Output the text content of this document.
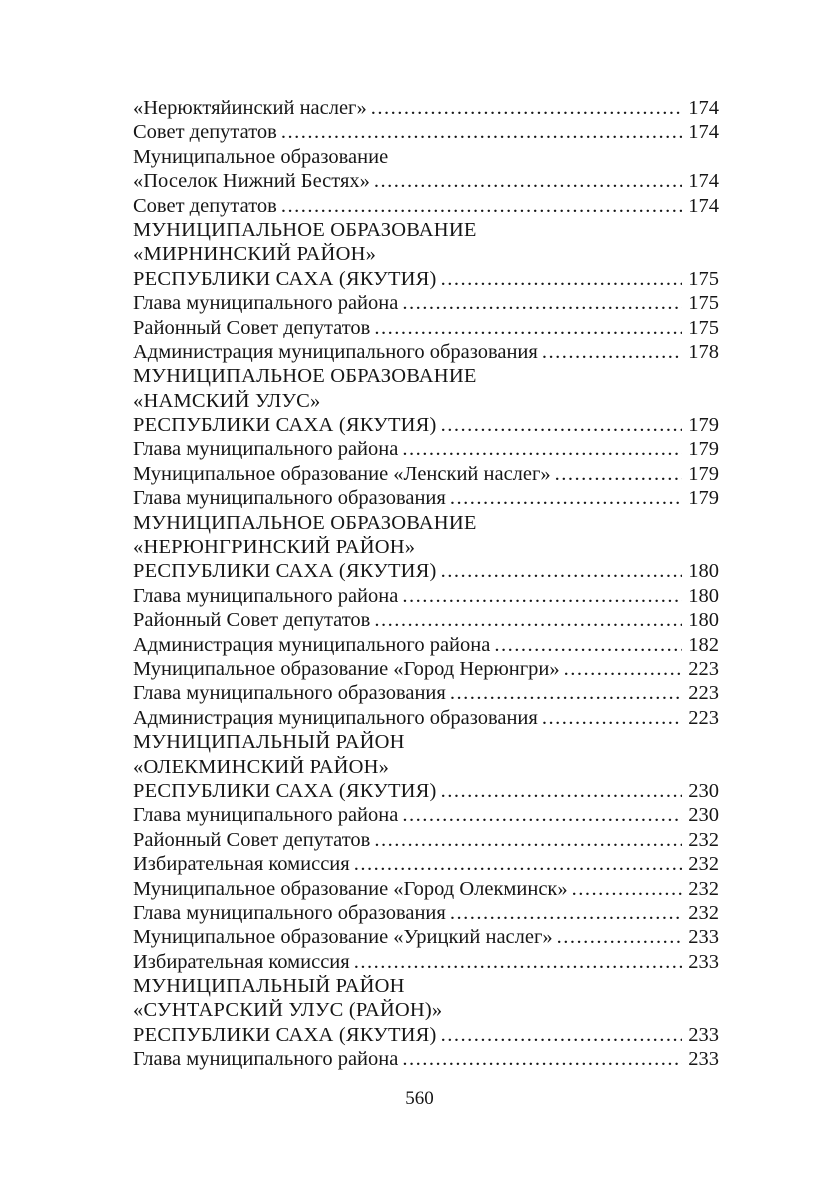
«Нерюктяйинский наслег» .....	174
Совет депутатов .....	174
Муниципальное образование
«Поселок Нижний Бестях» .....	174
Совет депутатов .....	174
МУНИЦИПАЛЬНОЕ ОБРАЗОВАНИЕ
«МИРНИНСКИЙ РАЙОН»
РЕСПУБЛИКИ САХА (ЯКУТИЯ) .....	175
Глава муниципального района .....	175
Районный Совет депутатов .....	175
Администрация муниципального образования .....	178
МУНИЦИПАЛЬНОЕ ОБРАЗОВАНИЕ
«НАМСКИЙ УЛУС»
РЕСПУБЛИКИ САХА (ЯКУТИЯ) .....	179
Глава муниципального района .....	179
Муниципальное образование «Ленский наслег» .....	179
Глава муниципального образования .....	179
МУНИЦИПАЛЬНОЕ ОБРАЗОВАНИЕ
«НЕРЮНГРИНСКИЙ РАЙОН»
РЕСПУБЛИКИ САХА (ЯКУТИЯ) .....	180
Глава муниципального района .....	180
Районный Совет депутатов .....	180
Администрация муниципального района .....	182
Муниципальное образование «Город Нерюнгри» .....	223
Глава муниципального образования .....	223
Администрация муниципального образования .....	223
МУНИЦИПАЛЬНЫЙ РАЙОН
«ОЛЕКМИНСКИЙ РАЙОН»
РЕСПУБЛИКИ САХА (ЯКУТИЯ) .....	230
Глава муниципального района .....	230
Районный Совет депутатов .....	232
Избирательная комиссия .....	232
Муниципальное образование «Город Олекминск» .....	232
Глава муниципального образования .....	232
Муниципальное образование «Урицкий наслег» .....	233
Избирательная комиссия .....	233
МУНИЦИПАЛЬНЫЙ РАЙОН
«СУНТАРСКИЙ УЛУС (РАЙОН)»
РЕСПУБЛИКИ САХА (ЯКУТИЯ) .....	233
Глава муниципального района .....	233
560
